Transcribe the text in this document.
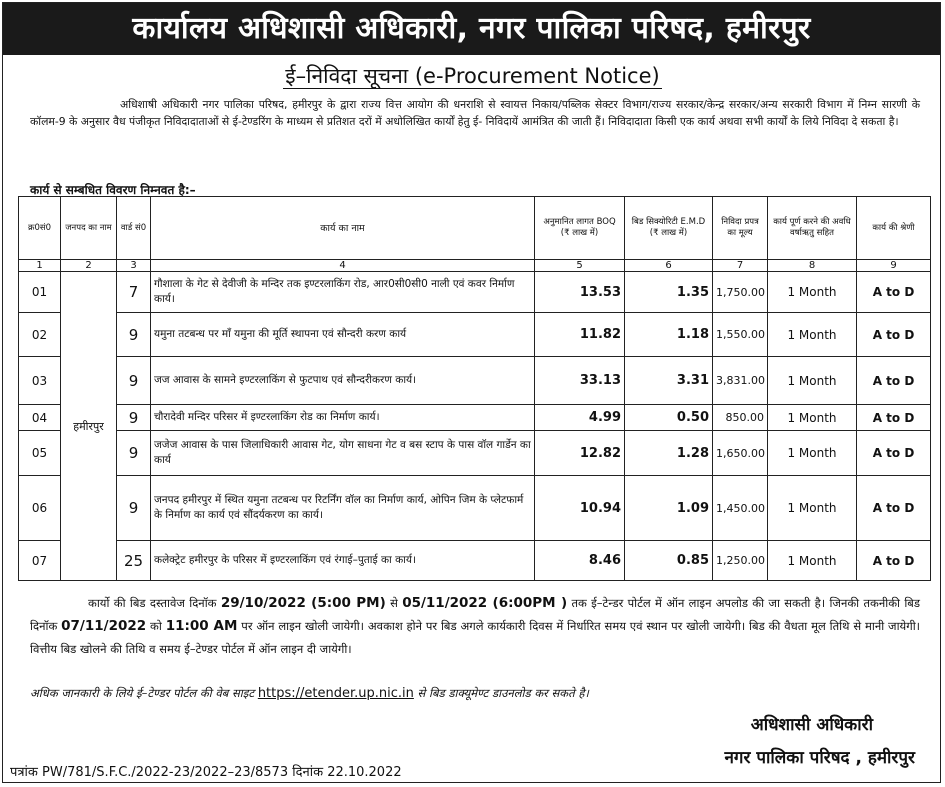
कार्यालय अधिशासी अधिकारी, नगर पालिका परिषद, हमीरपुर
ई–निविदा सूचना (e-Procurement Notice)
अधिशाषी अधिकारी नगर पालिका परिषद, हमीरपुर के द्वारा राज्य वित्त आयोग की धनराशि से स्वायत्त निकाय/पब्लिक सेक्टर विभाग/राज्य सरकार/केन्द्र सरकार/अन्य सरकारी विभाग में निम्न सारणी के कॉलम-9 के अनुसार वैध पंजीकृत निविदादाताओं से ई-टेण्डरिंग के माध्यम से प्रतिशत दरों में अधोलिखित कार्यों हेतु ई- निविदायें आमंत्रित की जाती हैं। निविदादाता किसी एक कार्य अथवा सभी कार्यों के लिये निविदा दे सकता है।
कार्य से सम्बधित विवरण निम्नवत है:–
क्र0सं0	जनपद का नाम	वार्ड सं0	कार्य का नाम	अनुमानित लागत BOQ (₹ लाख में)	बिड सिक्योरिटी E.M.D (₹ लाख में)	निविदा प्रपत्र का मूल्य	कार्य पूर्ण करने की अवधि वर्षाऋतु सहित	कार्य की श्रेणी
1	2	3	4	5	6	7	8	9
01	हमीरपुर	7	गौशाला के गेट से देवीजी के मन्दिर तक इण्टरलाकिंग रोड, आर0सी0सी0 नाली एवं कवर निर्माण कार्य।	13.53	1.35	1,750.00	1 Month	A to D
02		9	यमुना तटबन्ध पर माँ यमुना की मूर्ति स्थापना एवं सौन्दरी करण कार्य	11.82	1.18	1,550.00	1 Month	A to D
03		9	जज आवास के सामने इण्टरलाकिंग से फुटपाथ एवं सौन्दरीकरण कार्य।	33.13	3.31	3,831.00	1 Month	A to D
04		9	चौरादेवी मन्दिर परिसर में इण्टरलाकिंग रोड का निर्माण कार्य।	4.99	0.50	850.00	1 Month	A to D
05		9	जजेज आवास के पास जिलाधिकारी आवास गेट, योग साधना गेट व बस स्टाप के पास वॉल गार्डेन का कार्य	12.82	1.28	1,650.00	1 Month	A to D
06		9	जनपद हमीरपुर में स्थित यमुना तटबन्ध पर रिटर्निंग वॉल का निर्माण कार्य, ओपिन जिम के प्लेटफार्म के निर्माण का कार्य एवं सौंदर्यकरण का कार्य।	10.94	1.09	1,450.00	1 Month	A to D
07		25	कलेक्ट्रेट हमीरपुर के परिसर में इण्टरलाकिंग एवं रंगाई–पुताई का कार्य।	8.46	0.85	1,250.00	1 Month	A to D
कार्यो की बिड दस्तावेज दिनॉक 29/10/2022 (5:00 PM) से 05/11/2022 (6:00PM ) तक ई–टेन्डर पोर्टल में ऑन लाइन अपलोड की जा सकती है। जिनकी तकनीकी बिड दिनॉक 07/11/2022 को 11:00 AM पर ऑन लाइन खोली जायेगी। अवकाश होने पर बिड अगले कार्यकारी दिवस में निर्धारित समय एवं स्थान पर खोली जायेगी। बिड की वैधता मूल तिथि से मानी जायेगी। वित्तीय बिड खोलने की तिथि व समय ई–टेण्डर पोर्टल में ऑन लाइन दी जायेगी।
अधिक जानकारी के लिये ई–टेण्डर पोर्टल की वेब साइट https://etender.up.nic.in से बिड डाक्यूमेण्ट डाउनलोड कर सकते है।
अधिशासी अधिकारी
नगर पालिका परिषद , हमीरपुर
पत्रांक PW/781/S.F.C./2022-23/2022–23/8573 दिनांक 22.10.2022
